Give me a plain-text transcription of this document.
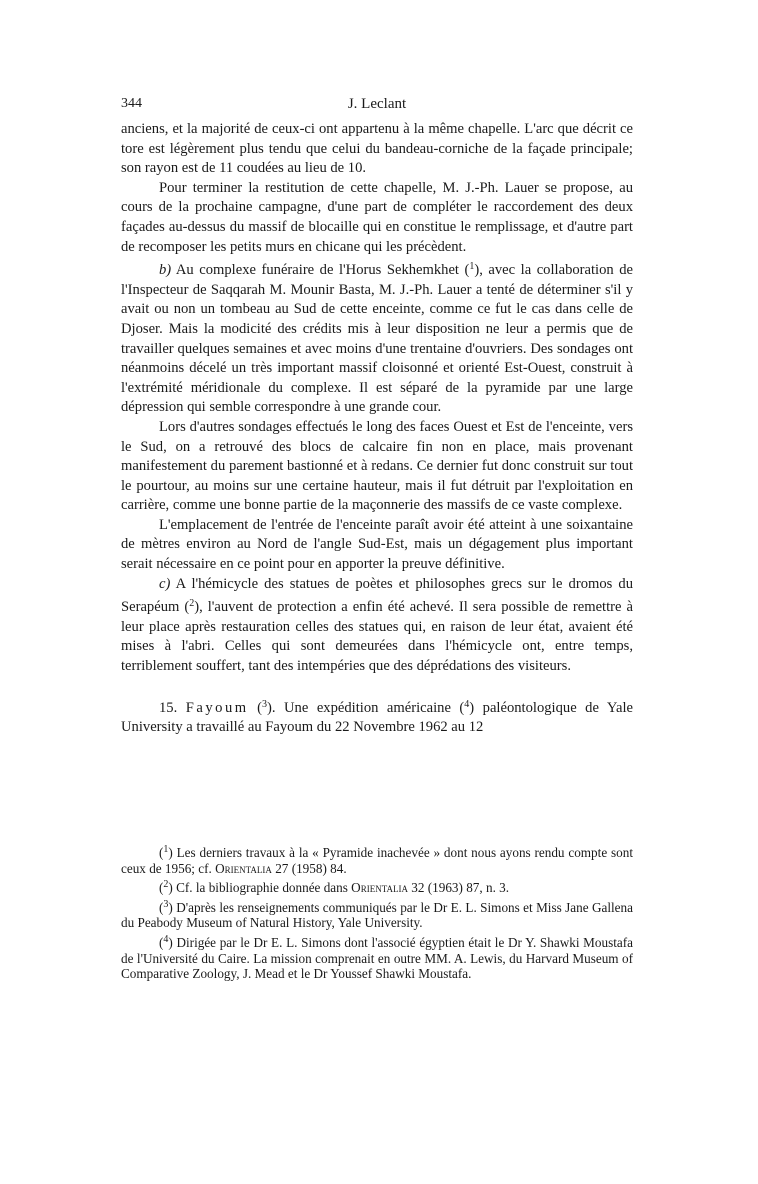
344	J. Leclant

anciens, et la majorité de ceux-ci ont appartenu à la même chapelle. L'arc que décrit ce tore est légèrement plus tendu que celui du bandeau-corniche de la façade principale; son rayon est de 11 coudées au lieu de 10.

Pour terminer la restitution de cette chapelle, M. J.-Ph. Lauer se propose, au cours de la prochaine campagne, d'une part de compléter le raccordement des deux façades au-dessus du massif de blocaille qui en constitue le remplissage, et d'autre part de recomposer les petits murs en chicane qui les précèdent.

b) Au complexe funéraire de l'Horus Sekhemkhet ($^1$), avec la collaboration de l'Inspecteur de Saqqarah M. Mounir Basta, M. J.-Ph. Lauer a tenté de déterminer s'il y avait ou non un tombeau au Sud de cette enceinte, comme ce fut le cas dans celle de Djoser. Mais la modicité des crédits mis à leur disposition ne leur a permis que de travailler quelques semaines et avec moins d'une trentaine d'ouvriers. Des sondages ont néanmoins décelé un très important massif cloisonné et orienté Est-Ouest, construit à l'extrémité méridionale du complexe. Il est séparé de la pyramide par une large dépression qui semble correspondre à une grande cour.

Lors d'autres sondages effectués le long des faces Ouest et Est de l'enceinte, vers le Sud, on a retrouvé des blocs de calcaire fin non en place, mais provenant manifestement du parement bastionné et à redans. Ce dernier fut donc construit sur tout le pourtour, au moins sur une certaine hauteur, mais il fut détruit par l'exploitation en carrière, comme une bonne partie de la maçonnerie des massifs de ce vaste complexe.

L'emplacement de l'entrée de l'enceinte paraît avoir été atteint à une soixantaine de mètres environ au Nord de l'angle Sud-Est, mais un dégagement plus important serait nécessaire en ce point pour en apporter la preuve définitive.

c) A l'hémicycle des statues de poètes et philosophes grecs sur le dromos du Serapéum ($^2$), l'auvent de protection a enfin été achevé. Il sera possible de remettre à leur place après restauration celles des statues qui, en raison de leur état, avaient été mises à l'abri. Celles qui sont demeurées dans l'hémicycle ont, entre temps, terriblement souffert, tant des intempéries que des déprédations des visiteurs.

15. Fayoum ($^3$). Une expédition américaine ($^4$) paléontologique de Yale University a travaillé au Fayoum du 22 Novembre 1962 au 12

($^1$) Les derniers travaux à la « Pyramide inachevée » dont nous ayons rendu compte sont ceux de 1956; cf. Orientalia 27 (1958) 84.

($^2$) Cf. la bibliographie donnée dans Orientalia 32 (1963) 87, n. 3.

($^3$) D'après les renseignements communiqués par le Dr E. L. Simons et Miss Jane Gallena du Peabody Museum of Natural History, Yale University.

($^4$) Dirigée par le Dr E. L. Simons dont l'associé égyptien était le Dr Y. Shawki Moustafa de l'Université du Caire. La mission comprenait en outre MM. A. Lewis, du Harvard Museum of Comparative Zoology, J. Mead et le Dr Youssef Shawki Moustafa.
